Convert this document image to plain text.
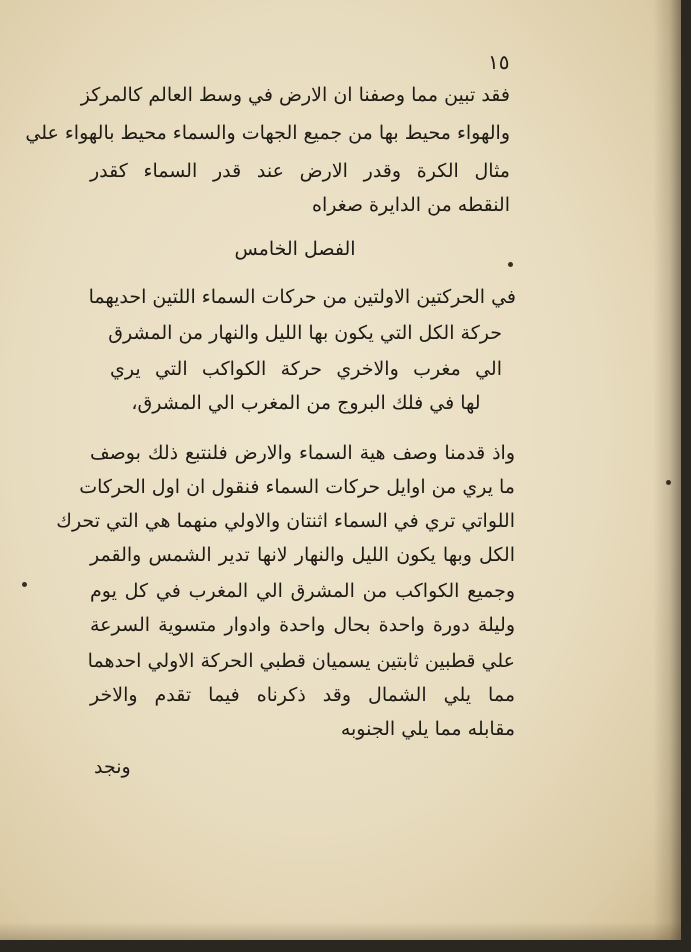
١٥
فقد تبين مما وصفنا ان الارض في وسط العالم كالمركز
والهواء محيط بها من جميع الجهات والسماء محيط بالهواء علي
مثال الكرة وقدر الارض عند قدر السماء كقدر
النقطه من الدايرة صغراه
الفصل الخامس
في الحركتين الاولتين من حركات السماء اللتين احديهما
حركة الكل التي يكون بها الليل والنهار من المشرق
الي مغرب والاخري حركة الكواكب التي يري
لها في فلك البروج من المغرب الي المشرق،
واذ قدمنا وصف هية السماء والارض فلنتبع ذلك بوصف
ما يري من اوايل حركات السماء فنقول ان اول الحركات
اللواتي تري في السماء اثنتان والاولي منهما هي التي تحرك
الكل وبها يكون الليل والنهار لانها تدير الشمس والقمر
وجميع الكواكب من المشرق الي المغرب في كل يوم
وليلة دورة واحدة بحال واحدة وادوار متسوية السرعة
علي قطبين ثابتين يسميان قطبي الحركة الاولي احدهما
مما يلي الشمال وقد ذكرناه فيما تقدم والاخر
مقابله مما يلي الجنوبه
ونجد
